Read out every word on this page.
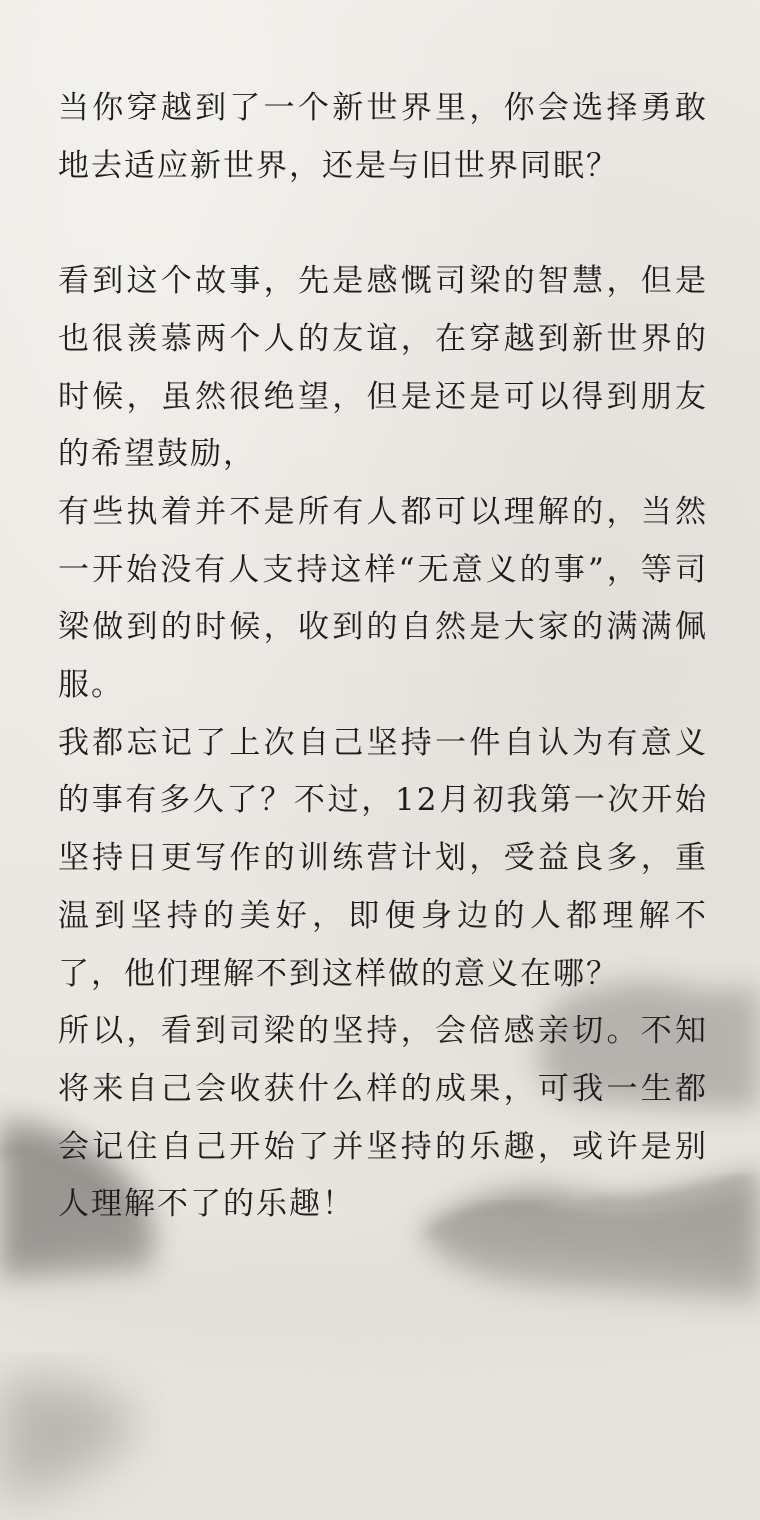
当你穿越到了一个新世界里，你会选择勇敢地去适应新世界，还是与旧世界同眠？

看到这个故事，先是感慨司梁的智慧，但是也很羡慕两个人的友谊，在穿越到新世界的时候，虽然很绝望，但是还是可以得到朋友的希望鼓励，

有些执着并不是所有人都可以理解的，当然一开始没有人支持这样“无意义的事”，等司梁做到的时候，收到的自然是大家的满满佩服。

我都忘记了上次自己坚持一件自认为有意义的事有多久了？不过，12月初我第一次开始坚持日更写作的训练营计划，受益良多，重温到坚持的美好，即便身边的人都理解不了，他们理解不到这样做的意义在哪？

所以，看到司梁的坚持，会倍感亲切。不知将来自己会收获什么样的成果，可我一生都会记住自己开始了并坚持的乐趣，或许是别人理解不了的乐趣！
